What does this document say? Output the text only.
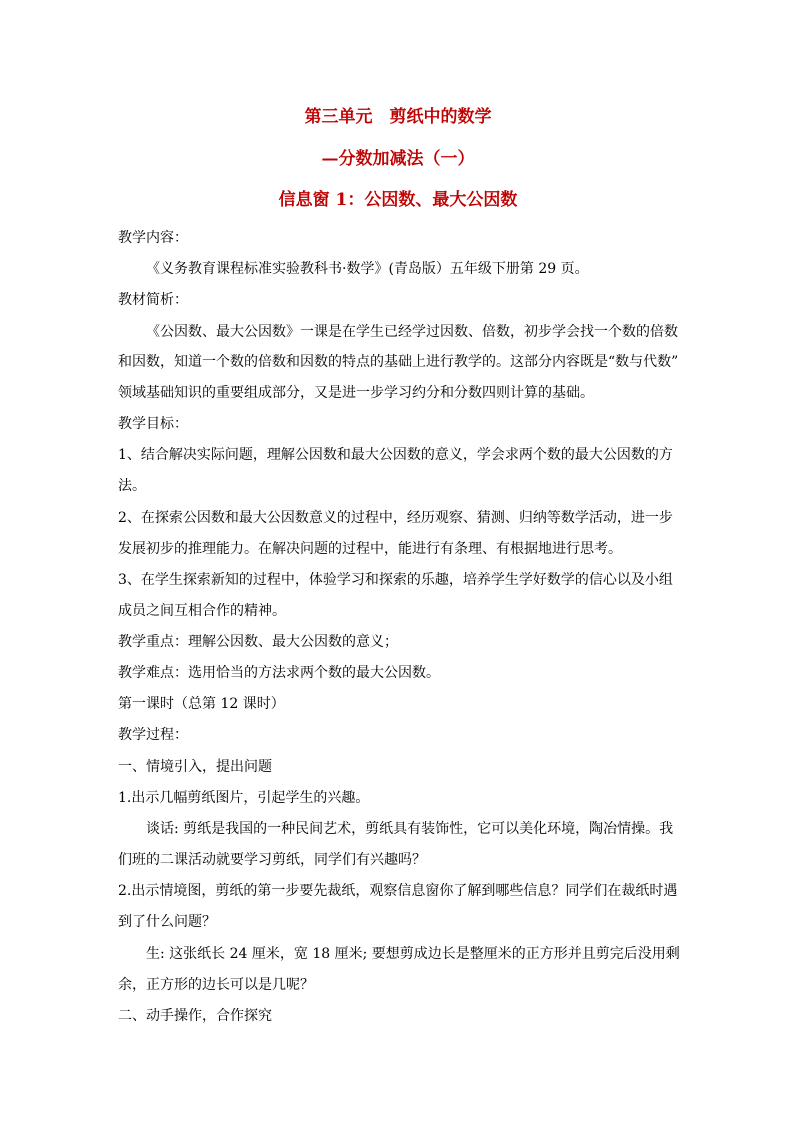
第三单元　剪纸中的数学
—分数加减法（一）
信息窗 1：公因数、最大公因数
教学内容：
《义务教育课程标准实验教科书·数学》(青岛版）五年级下册第 29 页。
教材简析：
《公因数、最大公因数》一课是在学生已经学过因数、倍数，初步学会找一个数的倍数
和因数，知道一个数的倍数和因数的特点的基础上进行教学的。这部分内容既是“数与代数”
领域基础知识的重要组成部分，又是进一步学习约分和分数四则计算的基础。
教学目标：
1、结合解决实际问题，理解公因数和最大公因数的意义，学会求两个数的最大公因数的方
法。
2、在探索公因数和最大公因数意义的过程中，经历观察、猜测、归纳等数学活动，进一步
发展初步的推理能力。在解决问题的过程中，能进行有条理、有根据地进行思考。
3、在学生探索新知的过程中，体验学习和探索的乐趣，培养学生学好数学的信心以及小组
成员之间互相合作的精神。
教学重点：理解公因数、最大公因数的意义；
教学难点：选用恰当的方法求两个数的最大公因数。
第一课时（总第 12 课时）
教学过程：
一、情境引入，提出问题
1.出示几幅剪纸图片，引起学生的兴趣。
谈话: 剪纸是我国的一种民间艺术，剪纸具有装饰性，它可以美化环境，陶冶情操。我
们班的二课活动就要学习剪纸，同学们有兴趣吗？
2.出示情境图，剪纸的第一步要先裁纸，观察信息窗你了解到哪些信息？同学们在裁纸时遇
到了什么问题？
生: 这张纸长 24 厘米，宽 18 厘米; 要想剪成边长是整厘米的正方形并且剪完后没用剩
余，正方形的边长可以是几呢？
二、动手操作，合作探究
